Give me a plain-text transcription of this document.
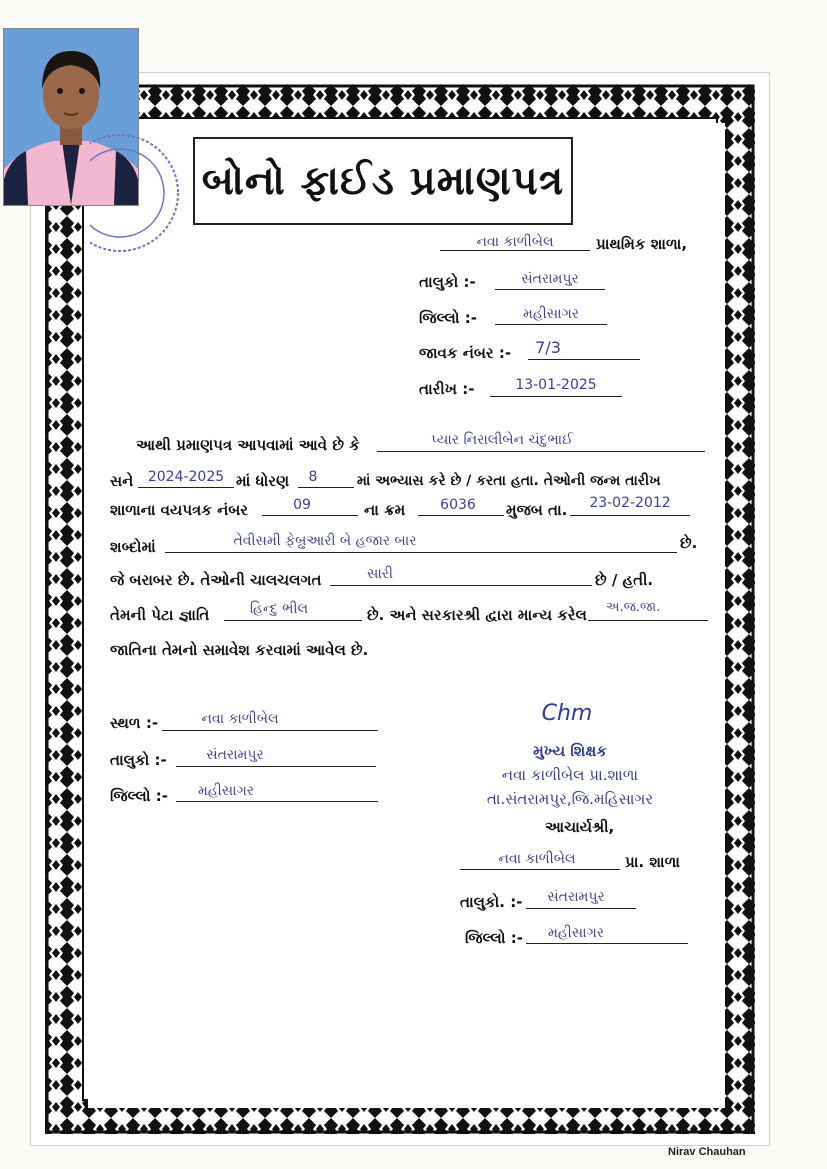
બોનો ફાઈડ પ્રમાણપત્ર
નવા કાળીબેલ	પ્રાથમિક શાળા,
તાલુકો :-	સંતરામપુર
જિલ્લો :-	મહીસાગર
જાવક નંબર :-	7/3
તારીખ :-	13-01-2025
આથી પ્રમાણપત્ર આપવામાં આવે છે કે	પ્યાર નિરાલીબેન ચંદુભાઈ
સને	2024-2025 માં ધોરણ	8	માં અભ્યાસ કરે છે / કરતા હતા. તેઓની જન્મ તારીખ
શાળાના વયપત્રક નંબર	09	ના ક્રમ	6036	મુજબ તા.	23-02-2012
શબ્દોમાં	તેવીસમી ફેબ્રુઆરી બે હજાર બાર	છે.
જે બરાબર છે. તેઓની ચાલચલગત	સારી	છે / હતી.
તેમની પેટા જ્ઞાતિ	હિન્દુ ભીલ	છે. અને સરકારશ્રી દ્વારા માન્ય કરેલ	અ.જ.જા.
જાતિના તેમનો સમાવેશ કરવામાં આવેલ છે.
સ્થળ :-	નવા કાળીબેલ
તાલુકો :-	સંતરામપુર
જિલ્લો :-	મહીસાગર
Chm
મુખ્ય શિક્ષક
નવા કાળીબેલ પ્રા.શાળા
તા.સંતરામપુર,જિ.મહિસાગર
આચાર્યશ્રી,
નવા કાળીબેલ	પ્રા. શાળા
તાલુકો. :-	સંતરામપુર
જિલ્લો :-	મહીસાગર
Nirav Chauhan
